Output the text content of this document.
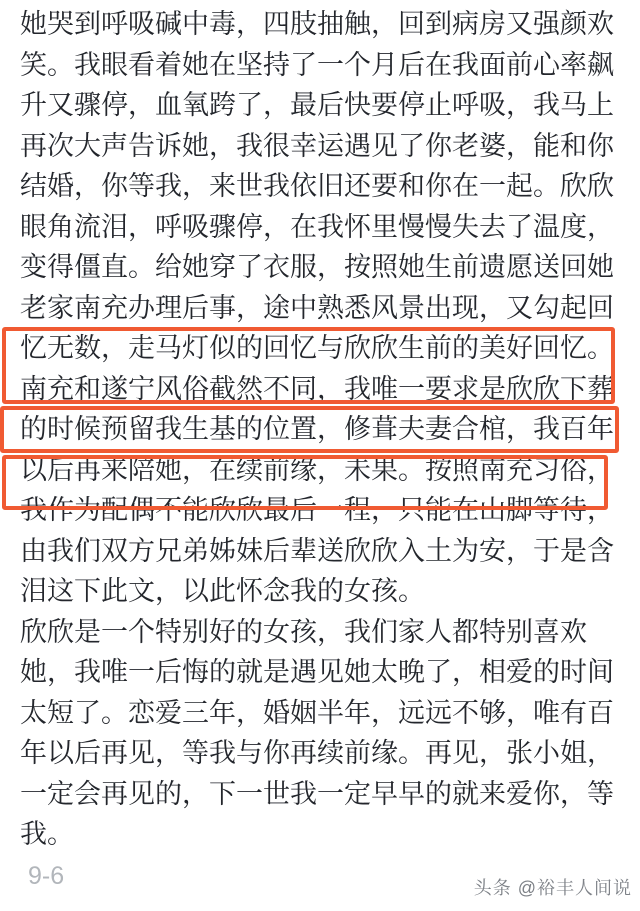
她哭到呼吸碱中毒，四肢抽触，回到病房又强颜欢
笑。我眼看着她在坚持了一个月后在我面前心率飙
升又骤停，血氧跨了，最后快要停止呼吸，我马上
再次大声告诉她，我很幸运遇见了你老婆，能和你
结婚，你等我，来世我依旧还要和你在一起。欣欣
眼角流泪，呼吸骤停，在我怀里慢慢失去了温度，
变得僵直。给她穿了衣服，按照她生前遗愿送回她
老家南充办理后事，途中熟悉风景出现，又勾起回
忆无数，走马灯似的回忆与欣欣生前的美好回忆。
南充和遂宁风俗截然不同，我唯一要求是欣欣下葬
的时候预留我生基的位置，修葺夫妻合棺，我百年
以后再来陪她，在续前缘，未果。按照南充习俗，
我作为配偶不能欣欣最后一程，只能在山脚等待，
由我们双方兄弟姊妹后辈送欣欣入土为安，于是含
泪这下此文，以此怀念我的女孩。
欣欣是一个特别好的女孩，我们家人都特别喜欢
她，我唯一后悔的就是遇见她太晚了，相爱的时间
太短了。恋爱三年，婚姻半年，远远不够，唯有百
年以后再见，等我与你再续前缘。再见，张小姐，
一定会再见的，下一世我一定早早的就来爱你，等
我。
9-6	头条 @裕丰人间说
